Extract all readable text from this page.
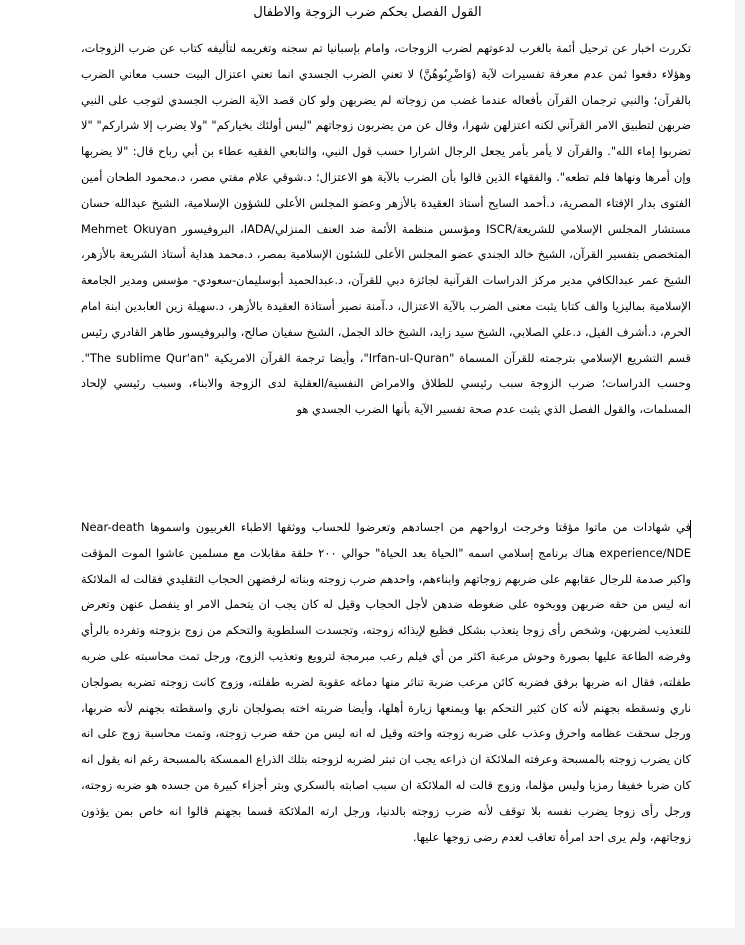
القول الفصل بحكم ضرب الزوجة والاطفال

تكررت اخبار عن ترحيل أئمة بالغرب لدعوتهم لضرب الزوجات، وامام بإسبانيا تم سجنه وتغريمه لتأليفه كتاب عن ضرب الزوجات، وهؤلاء دفعوا ثمن عدم معرفة تفسيرات لآية (وَاضْرِبُوهُنَّ) لا تعني الضرب الجسدي انما تعني اعتزال البيت حسب معاني الضرب بالقرآن؛ والنبي ترجمان القرآن بأفعاله عندما غضب من زوجاته لم يضربهن ولو كان قصد الآية الضرب الجسدي لتوجب على النبي ضربهن لتطبيق الامر القرآني لكنه اعتزلهن شهرا، وقال عن من يضربون زوجاتهم "ليس أولئك بخياركم" "ولا يضرب إلا شراركم" "لا تضربوا إماء الله". والقرآن لا يأمر بأمر يجعل الرجال اشرارا حسب قول النبي، والتابعي الفقيه عطاء بن أبي رباح قال: "لا يضربها وإن أمرها ونهاها فلم تطعه". والفقهاء الذين قالوا بأن الضرب بالآية هو الاعتزال؛ د.شوقي علام مفتي مصر، د.محمود الطحان أمين الفتوى بدار الإفتاء المصرية، د.أحمد السايح أستاذ العقيدة بالأزهر وعضو المجلس الأعلى للشؤون الإسلامية، الشيخ عبدالله حسان مستشار المجلس الإسلامي للشريعة/ISCR ومؤسس منظمة الأئمة ضد العنف المنزلي/IADA، البروفيسور Mehmet Okuyan المتخصص بتفسير القرآن، الشيخ خالد الجندي عضو المجلس الأعلى للشئون الإسلامية بمصر، د.محمد هداية أستاذ الشريعة بالأزهر، الشيخ عمر عبدالكافي مدير مركز الدراسات القرآنية لجائزة دبي للقرآن، د.عبدالحميد أبوسليمان-سعودي- مؤسس ومدير الجامعة الإسلامية بماليزيا والف كتابا يثبت معنى الضرب بالآية الاعتزال، د.آمنة نصير أستاذة العقيدة بالأزهر، د.سهيلة زين العابدين ابنة امام الحرم، د.أشرف الفيل، د.علي الصلابي، الشيخ سيد زايد، الشيخ خالد الجمل، الشيخ سفيان صالح، والبروفيسور طاهر القادري رئيس قسم التشريع الإسلامي بترجمته للقرآن المسماة "Irfan-ul-Quran"، وأيضا ترجمة القرآن الامريكية "The sublime Qur'an". وحسب الدراسات؛ ضرب الزوجة سبب رئيسي للطلاق والامراض النفسية/العقلية لدى الزوجة والابناء، وسبب رئيسي لإلحاد المسلمات، والقول الفصل الذي يثبت عدم صحة تفسير الآية بأنها الضرب الجسدي هو

في شهادات من ماتوا مؤقتا وخرجت ارواحهم من اجسادهم وتعرضوا للحساب ووثقها الاطباء الغربيون واسموها Near-death experience/NDE هناك برنامج إسلامي اسمه "الحياة بعد الحياة" حوالي ٢٠٠ حلقة مقابلات مع مسلمين عاشوا الموت المؤقت واكبر صدمة للرجال عقابهم على ضربهم زوجاتهم وابناءهم، واحدهم ضرب زوجته وبناته لرفضهن الحجاب التقليدي فقالت له الملائكة انه ليس من حقه ضربهن ووبخوه على ضغوطه ضدهن لأجل الحجاب وقيل له كان يجب ان يتحمل الامر او ينفصل عنهن وتعرض للتعذيب لضربهن، وشخص رأى زوجا يتعذب بشكل فظيع لإيذائه زوجته، وتجسدت السلطوية والتحكم من زوج بزوجته وتفرده بالرأي وفرضه الطاعة عليها بصورة وحوش مرعبة اكثر من أي فيلم رعب مبرمجة لترويع وتعذيب الزوج، ورجل تمت محاسبته على ضربه طفلته، فقال انه ضربها برفق فضربه كائن مرعب ضربة تناثر منها دماغه عقوبة لضربه طفلته، وزوج كانت زوجته تضربه بصولجان ناري وتسقطه بجهنم لأنه كان كثير التحكم بها ويمنعها زيارة أهلها، وأيضا ضربته اخته بصولجان ناري واسقطته بجهنم لأنه ضربها، ورجل سحقت عظامه واحرق وعذب على ضربه زوجته واخته وقيل له انه ليس من حقه ضرب زوجته، وتمت محاسبة زوج على انه كان يضرب زوجته بالمسبحة وعرفته الملائكة ان ذراعه يجب ان تبتر لضربه لزوجته بتلك الذراع الممسكة بالمسبحة رغم انه يقول انه كان ضربا خفيفا رمزيا وليس مؤلما، وزوج قالت له الملائكة ان سبب اصابته بالسكري وبتر أجزاء كبيرة من جسده هو ضربه زوجته، ورجل رأى زوجا يضرب نفسه بلا توقف لأنه ضرب زوجته بالدنيا، ورجل ارته الملائكة قسما بجهنم قالوا انه خاص بمن يؤذون زوجاتهم، ولم يرى احد امرأة تعاقب لعدم رضى زوجها عليها.
